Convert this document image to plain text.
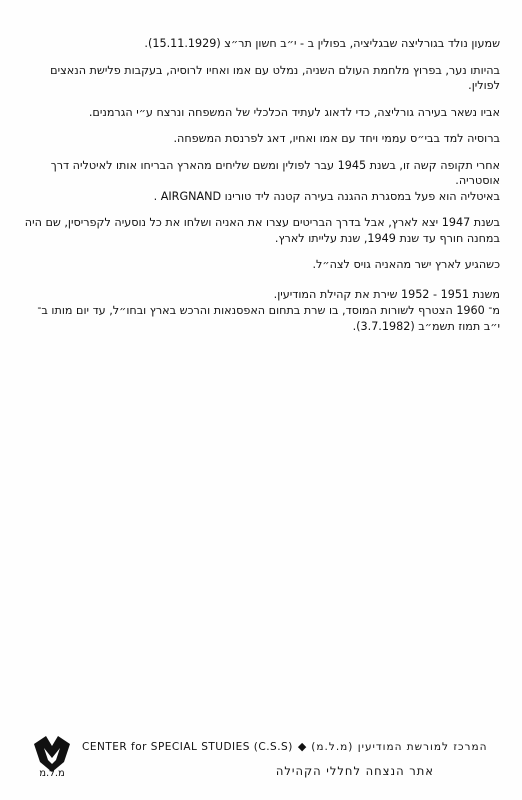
שמעון נולד בגורליצה שבגליציה, בפולין ב - י״ב חשון תר״צ (15.11.1929).

בהיותו נער, בפרוץ מלחמת העולם השניה, נמלט עם אמו ואחיו לרוסיה, בעקבות פלישת הנאצים לפולין.

אביו נשאר בעירה גורליצה, כדי לדאוג לעתיד הכלכלי של המשפחה ונרצח ע״י הגרמנים.

ברוסיה למד בבי״ס עממי ויחד עם אמו ואחיו, דאג לפרנסת המשפחה.

אחרי תקופה קשה זו, בשנת 1945 עבר לפולין ומשם שליחים מהארץ הבריחו אותו לאיטליה דרך אוסטריה.

באיטליה הוא פעל במסגרת ההגנה בעירה קטנה ליד טורינו AIRGNAND .

בשנת 1947 יצא לארץ, אבל בדרך הבריטים עצרו את האניה ושלחו את כל נוסעיה לקפריסין, שם היה במחנה חורף עד שנת 1949, שנת עלייתו לארץ.

כשהגיע לארץ ישר מהאניה גויס לצה״ל.

משנת 1951 - 1952 שירת את קהילת המודיעין.

מ־ 1960 הצטרף לשורות המוסד, בו שרת בתחום האפסנאות והרכש בארץ ובחו״ל, עד יום מותו ב־ י״ב תמוז תשמ״ב (3.7.1982).

מ.ל.מ
CENTER for SPECIAL STUDIES (C.S.S) ◆ המרכז למורשת המודיעין (מ.ל.מ)
אתר הנצחה לחללי הקהילה
